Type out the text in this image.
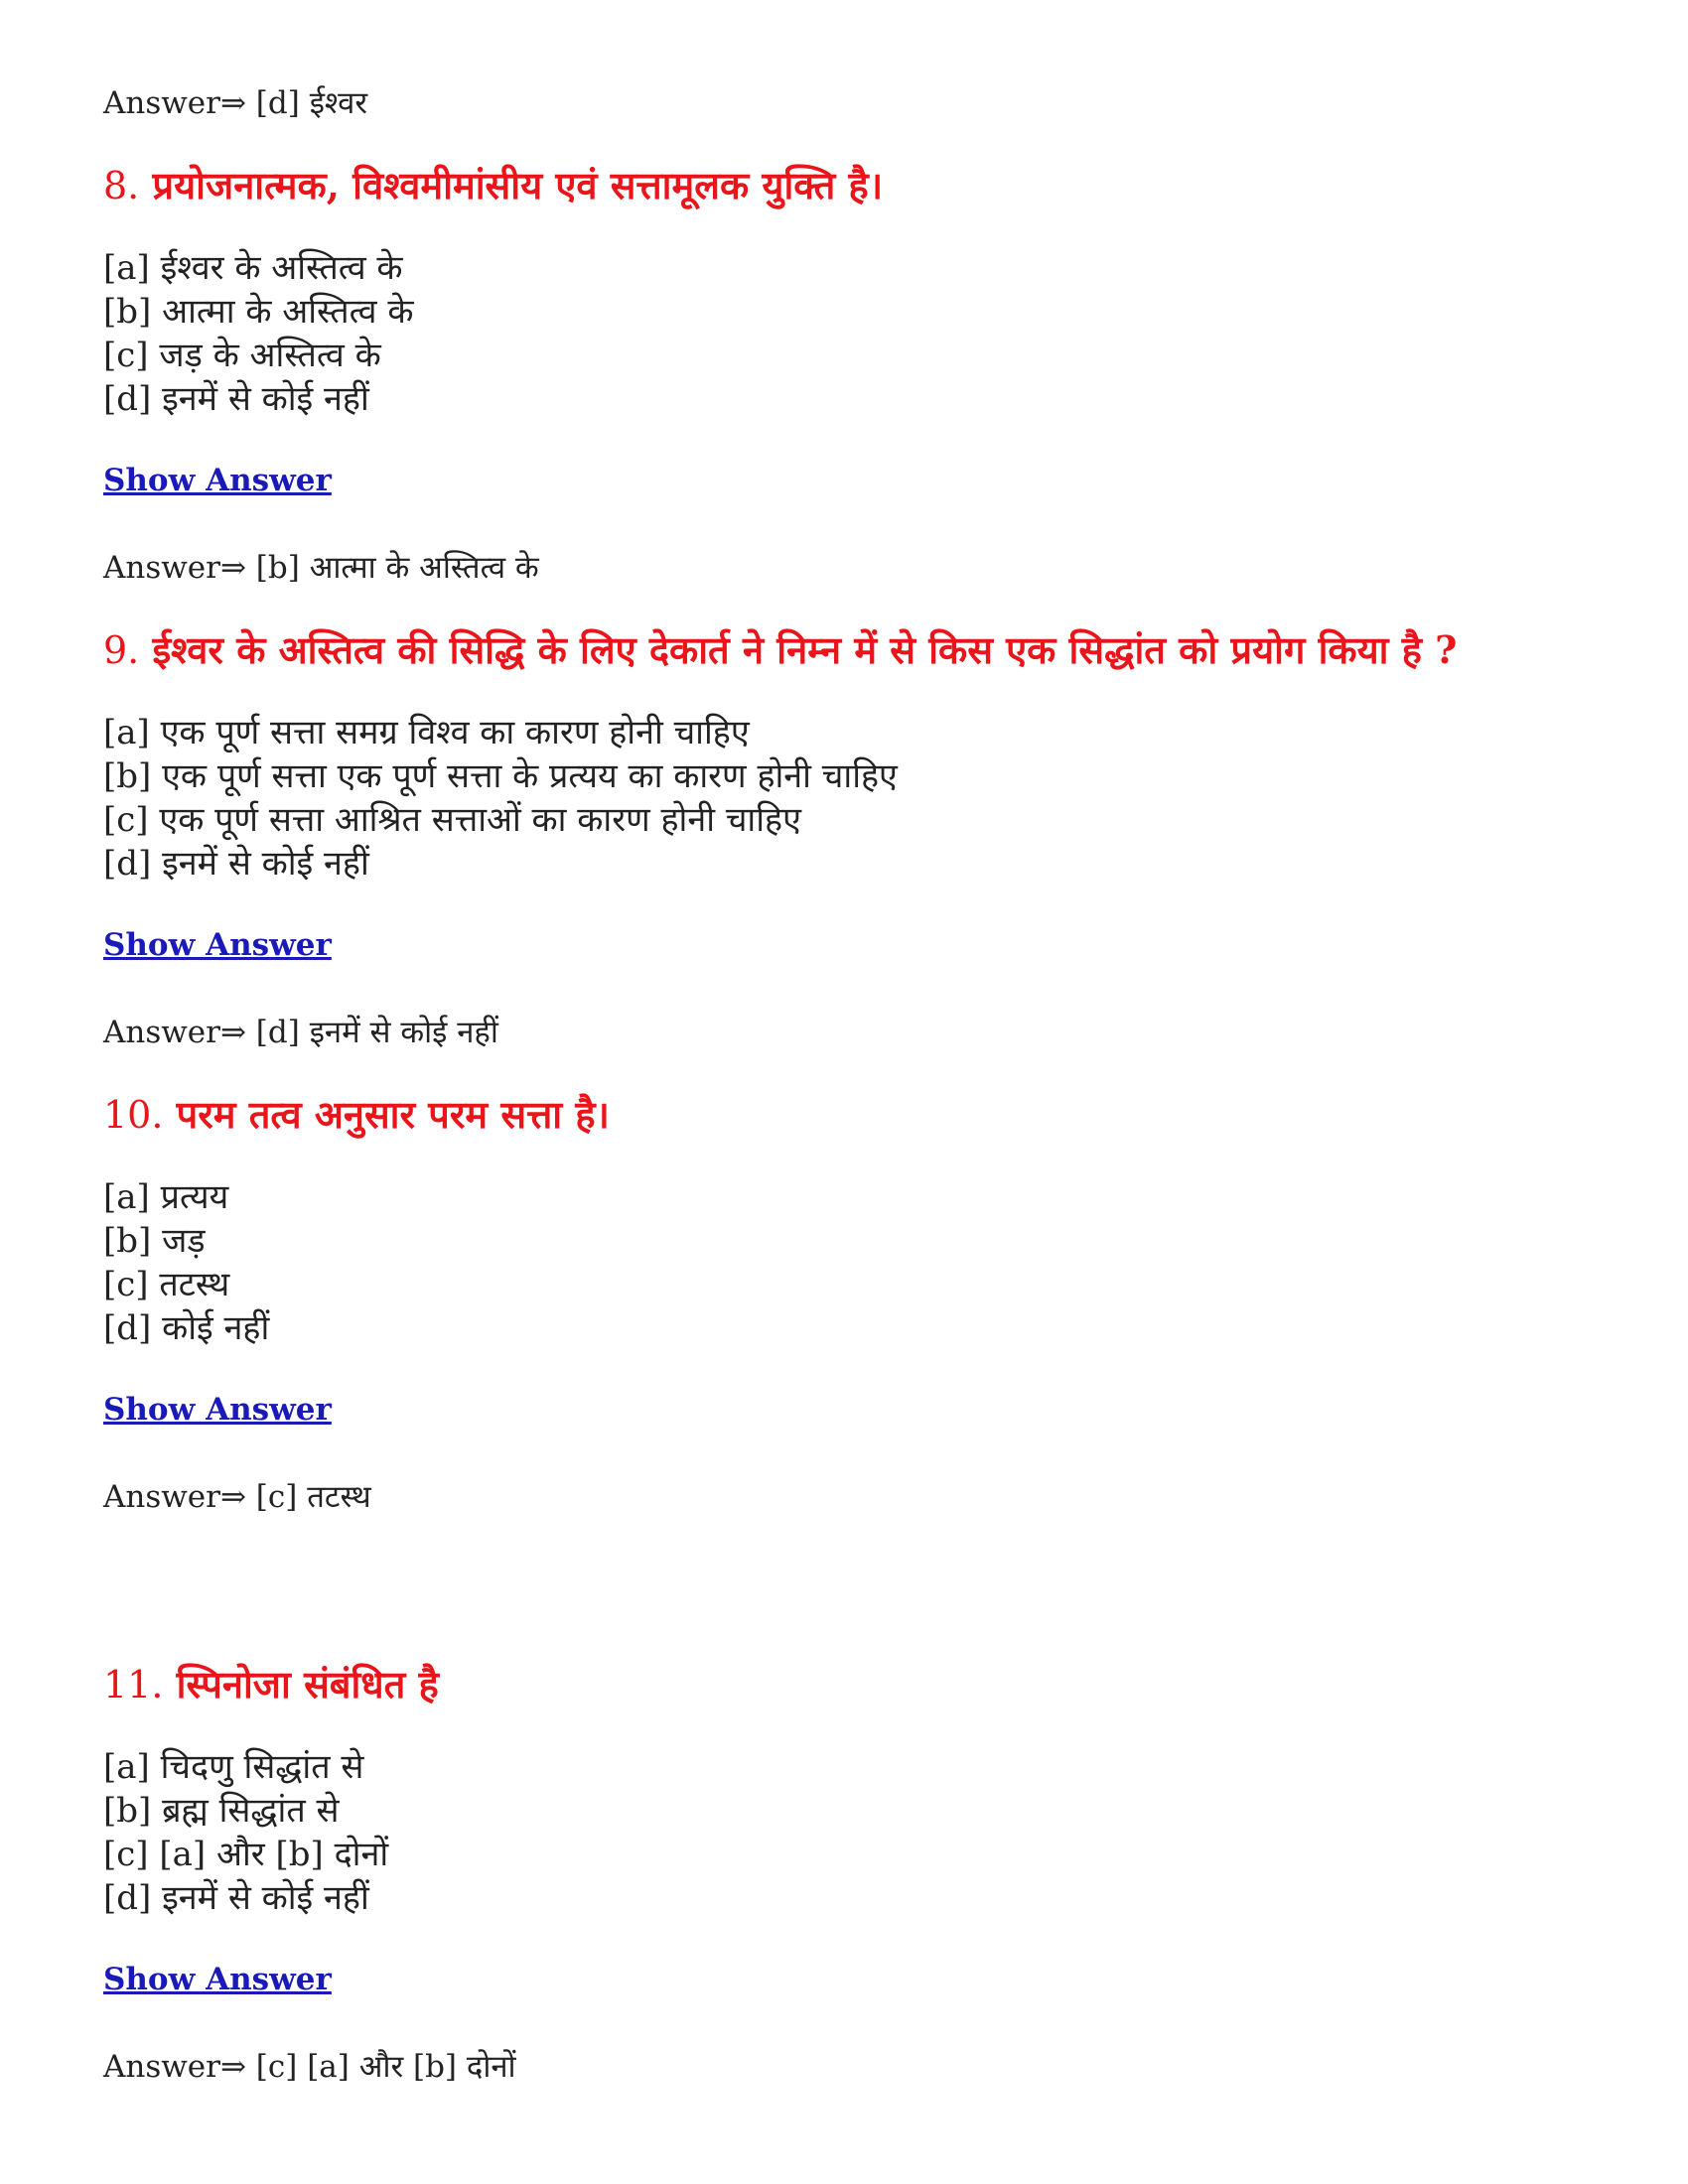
Answer⇒ [d] ईश्वर
8. प्रयोजनात्मक, विश्वमीमांसीय एवं सत्तामूलक युक्ति है।
[a] ईश्वर के अस्तित्व के
[b] आत्मा के अस्तित्व के
[c] जड़ के अस्तित्व के
[d] इनमें से कोई नहीं
Show Answer
Answer⇒ [b] आत्मा के अस्तित्व के
9. ईश्वर के अस्तित्व की सिद्धि के लिए देकार्त ने निम्न में से किस एक सिद्धांत को प्रयोग किया है ?
[a] एक पूर्ण सत्ता समग्र विश्व का कारण होनी चाहिए
[b] एक पूर्ण सत्ता एक पूर्ण सत्ता के प्रत्यय का कारण होनी चाहिए
[c] एक पूर्ण सत्ता आश्रित सत्ताओं का कारण होनी चाहिए
[d] इनमें से कोई नहीं
Show Answer
Answer⇒ [d] इनमें से कोई नहीं
10. परम तत्व अनुसार परम सत्ता है।
[a] प्रत्यय
[b] जड़
[c] तटस्थ
[d] कोई नहीं
Show Answer
Answer⇒ [c] तटस्थ
11. स्पिनोजा संबंधित है
[a] चिदणु सिद्धांत से
[b] ब्रह्म सिद्धांत से
[c] [a] और [b] दोनों
[d] इनमें से कोई नहीं
Show Answer
Answer⇒ [c] [a] और [b] दोनों
